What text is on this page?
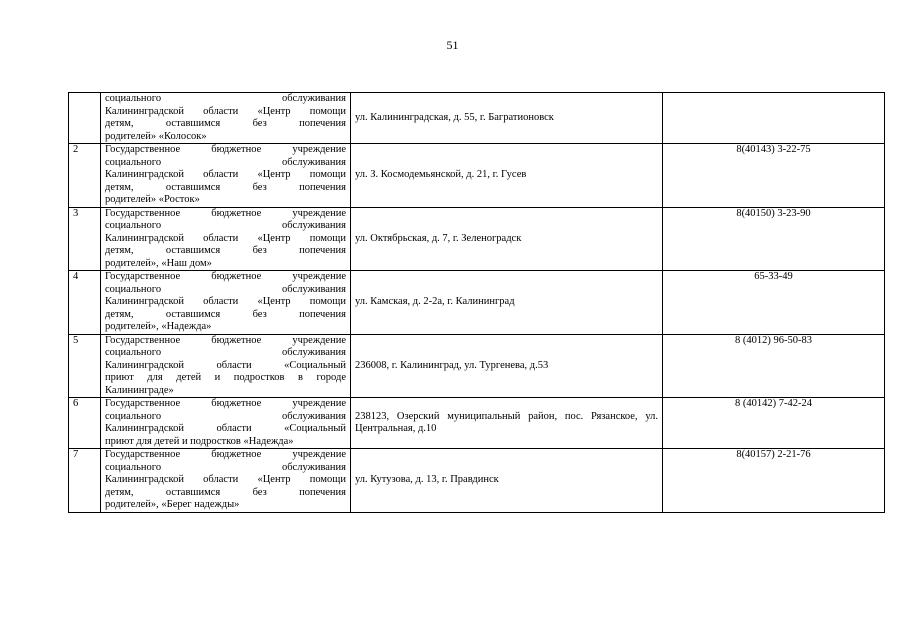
51

	социального обслуживания
Калининградской области «Центр помощи
детям, оставшимся без попечения
родителей» «Колосок»	ул. Калининградская, д. 55, г. Багратионовск	
2	Государственное бюджетное учреждение
социального обслуживания
Калининградской области «Центр помощи
детям, оставшимся без попечения
родителей» «Росток»	ул. З. Космодемьянской, д. 21, г. Гусев	8(40143) 3-22-75
3	Государственное бюджетное учреждение
социального обслуживания
Калининградской области «Центр помощи
детям, оставшимся без попечения
родителей», «Наш дом»	ул. Октябрьская, д. 7, г. Зеленоградск	8(40150) 3-23-90
4	Государственное бюджетное учреждение
социального обслуживания
Калининградской области «Центр помощи
детям, оставшимся без попечения
родителей», «Надежда»	ул. Камская, д. 2-2а, г. Калининград	65-33-49
5	Государственное бюджетное учреждение
социального обслуживания
Калининградской области «Социальный
приют для детей и подростков в городе
Калининграде»	236008, г. Калининград, ул. Тургенева, д.53	8 (4012) 96-50-83
6	Государственное бюджетное учреждение
социального обслуживания
Калининградской области «Социальный
приют для детей и подростков «Надежда»	238123, Озерский муниципальный район, пос. Рязанское, ул. Центральная, д.10	8 (40142) 7-42-24
7	Государственное бюджетное учреждение
социального обслуживания
Калининградской области «Центр помощи
детям, оставшимся без попечения
родителей», «Берег надежды»	ул. Кутузова, д. 13, г. Правдинск	8(40157) 2-21-76
